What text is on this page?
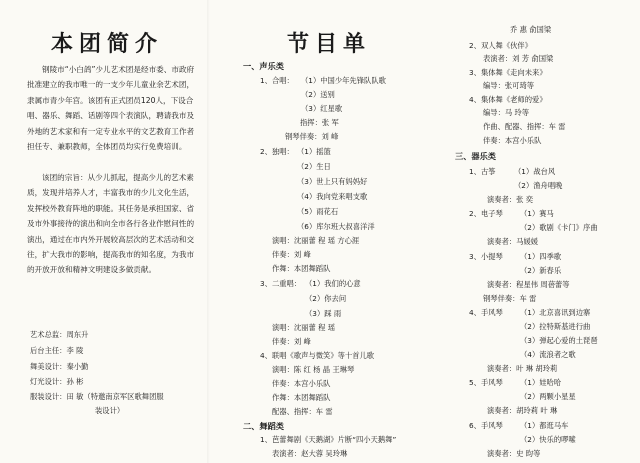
本团简介
钢陵市“小白鸽”少儿艺术团是经市委、市政府批准建立的我市唯一的一支少年儿童业余艺术团，隶属市青少年宫。该团有正式团员120人，下设合唱、器乐、舞蹈、话剧等四个表演队，聘请我市及外地的艺术家和有一定专业水平的文艺教育工作者担任专、兼职教师，全体团员均实行免费培训。
该团的宗旨：从少儿抓起，提高少儿的艺术素质，发现并培养人才，丰富我市的少儿文化生活，发挥校外教育阵地的职能。其任务是承担国家、省及市外事接待的演出和向全市各行各业作慰问性的演出，通过在市内外开展较高层次的艺术活动和交往，扩大我市的影响，提高我市的知名度，为我市的开放开放和精神文明建设多做贡献。
艺术总监：周东升
后台主任：李 陵
舞美设计：秦小勤
灯光设计：孙 彬
服装设计：田 敏（特邀南京军区歌舞团服
装设计）
节目单
一、声乐类
1、合唱： （1）中国少年先锋队队歌
（2）送别
（3）红星歌
指挥：张 军
钢琴伴奏：刘 峰
2、独唱： （1）摇篮
（2）生日
（3）世上只有妈妈好
（4）我向党来唱支歌
（5）雨花石
（6）库尔班大叔喜洋洋
演唱：沈丽蕾 程 瑶 方心涯
伴奏：刘 峰
作舞：本团舞蹈队
3、二重唱： （1）我们的心意
（2）你去问
（3）踩 雨
演唱：沈丽蕾 程 瑶
伴奏：刘 峰
4、联唱《歌声与微笑》等十首儿歌
演唱：陈 红 杨 晶 王琳琴
伴奏：本宫小乐队
作舞：本团舞蹈队
配器、指挥：车 雷
二、舞蹈类
1、芭蕾舞剧《天鹅湖》片断“四小天鹅舞”
表演者：赵大蓉 吴玲琳
乔 惠 俞国梁
2、双人舞《伙伴》
表演者：刘 芳 俞国梁
3、集体舞《走向未来》
编导：张可琦等
4、集体舞《老师的爱》
编导：马 玲等
作曲、配器、指挥：车 雷
伴奏：本宫小乐队
三、器乐类
1、古筝	（1）战台风
（2）渔舟唱晚
演奏者：张 奕
2、电子琴 （1）赛马
（2）歌剧《卡门》序曲
演奏者：马媛媛
3、小提琴 （1）四季歌
（2）新春乐
演奏者：程星伟 周蓓蕾等
钢琴伴奏：车 雷
4、手风琴 （1）北京喜讯到边寨
（2）拉特斯基进行曲
（3）弹起心爱的土琵琶
（4）流浪者之歌
演奏者：叶 琳 胡玲莉
5、手风琴 （1）娃哈哈
（2）两颗小星星
演奏者：胡玲莉 叶 琳
6、手风琴 （1）都逛马车
（2）快乐的啰嗦
演奏者：史 昀等
